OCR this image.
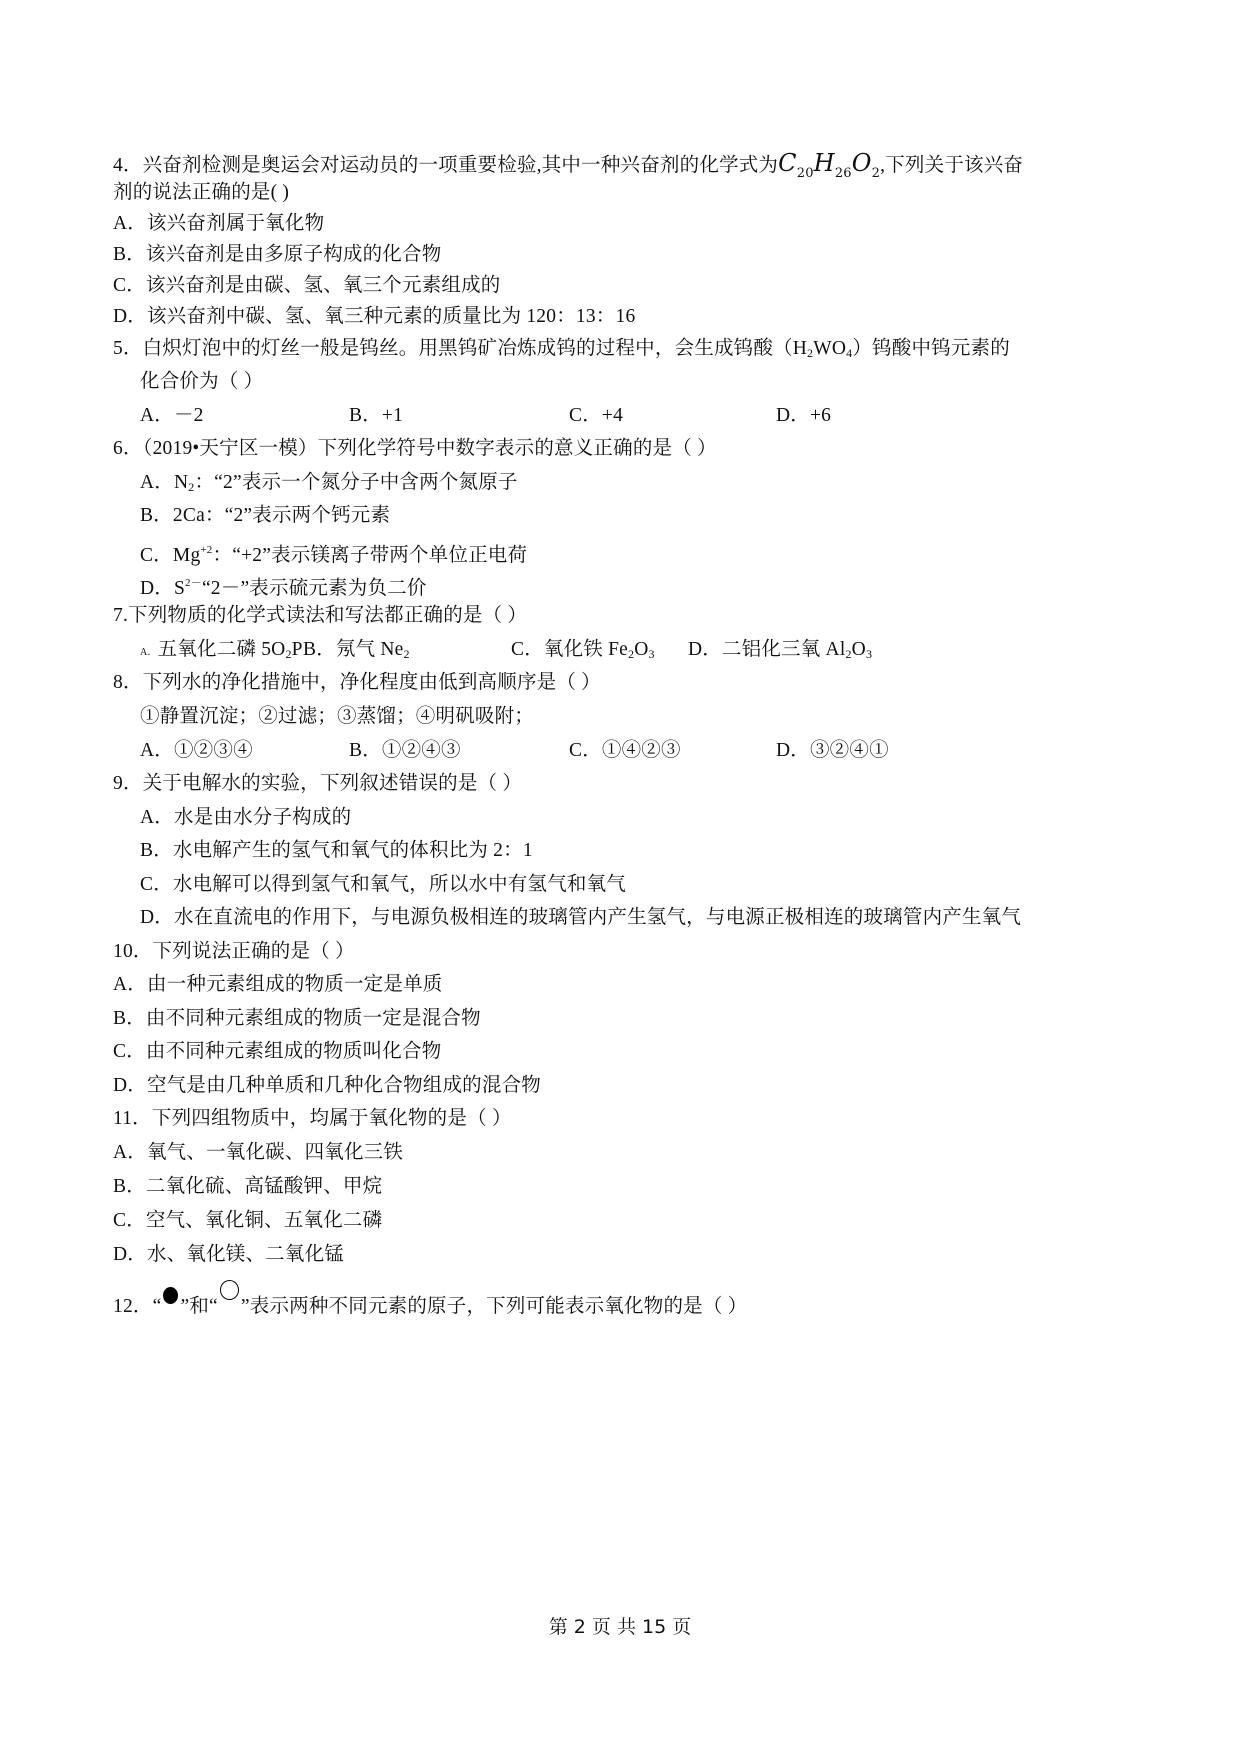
4．兴奋剂检测是奥运会对运动员的一项重要检验,其中一种兴奋剂的化学式为$C_{20}H_{26}O_2$,下列关于该兴奋
剂的说法正确的是( )
A．该兴奋剂属于氧化物
B．该兴奋剂是由多原子构成的化合物
C．该兴奋剂是由碳、氢、氧三个元素组成的
D．该兴奋剂中碳、氢、氧三种元素的质量比为 120：13：16
5．白炽灯泡中的灯丝一般是钨丝。用黑钨矿冶炼成钨的过程中，会生成钨酸$(H_2WO_4)$钨酸中钨元素的
化合价为（ ）
A．－2	B．+1	C．+4	D．+6
6．（2019•天宁区一模）下列化学符号中数字表示的意义正确的是（ ）
A．$N_2$：“2”表示一个氮分子中含两个氮原子
B．2Ca：“2”表示两个钙元素
C．$Mg^{+2}$：“+2”表示镁离子带两个单位正电荷
D．$S^{2-}“2-$”表示硫元素为负二价
7.下列物质的化学式读法和写法都正确的是（ ）
A．五氧化二磷 $5O_2P$ B．氖气 $Ne_2$	C．氧化铁 $Fe_2O_3$ D．二铝化三氧 $Al_2O_3$
8．下列水的净化措施中，净化程度由低到高顺序是（ ）
①静置沉淀；②过滤；③蒸馏；④明矾吸附；
A．①②③④	B．①②④③	C．①④②③	D．③②④①
9．关于电解水的实验，下列叙述错误的是（ ）
A．水是由水分子构成的
B．水电解产生的氢气和氧气的体积比为 2：1
C．水电解可以得到氢气和氧气，所以水中有氢气和氧气
D．水在直流电的作用下，与电源负极相连的玻璃管内产生氢气，与电源正极相连的玻璃管内产生氧气
10．下列说法正确的是（ ）
A．由一种元素组成的物质一定是单质
B．由不同种元素组成的物质一定是混合物
C．由不同种元素组成的物质叫化合物
D．空气是由几种单质和几种化合物组成的混合物
11．下列四组物质中，均属于氧化物的是（ ）
A．氧气、一氧化碳、四氧化三铁
B．二氧化硫、高锰酸钾、甲烷
C．空气、氧化铜、五氧化二磷
D．水、氧化镁、二氧化锰
12．“ ”和“ ”表示两种不同元素的原子，下列可能表示氧化物的是（ ）
第 2 页 共 15 页
